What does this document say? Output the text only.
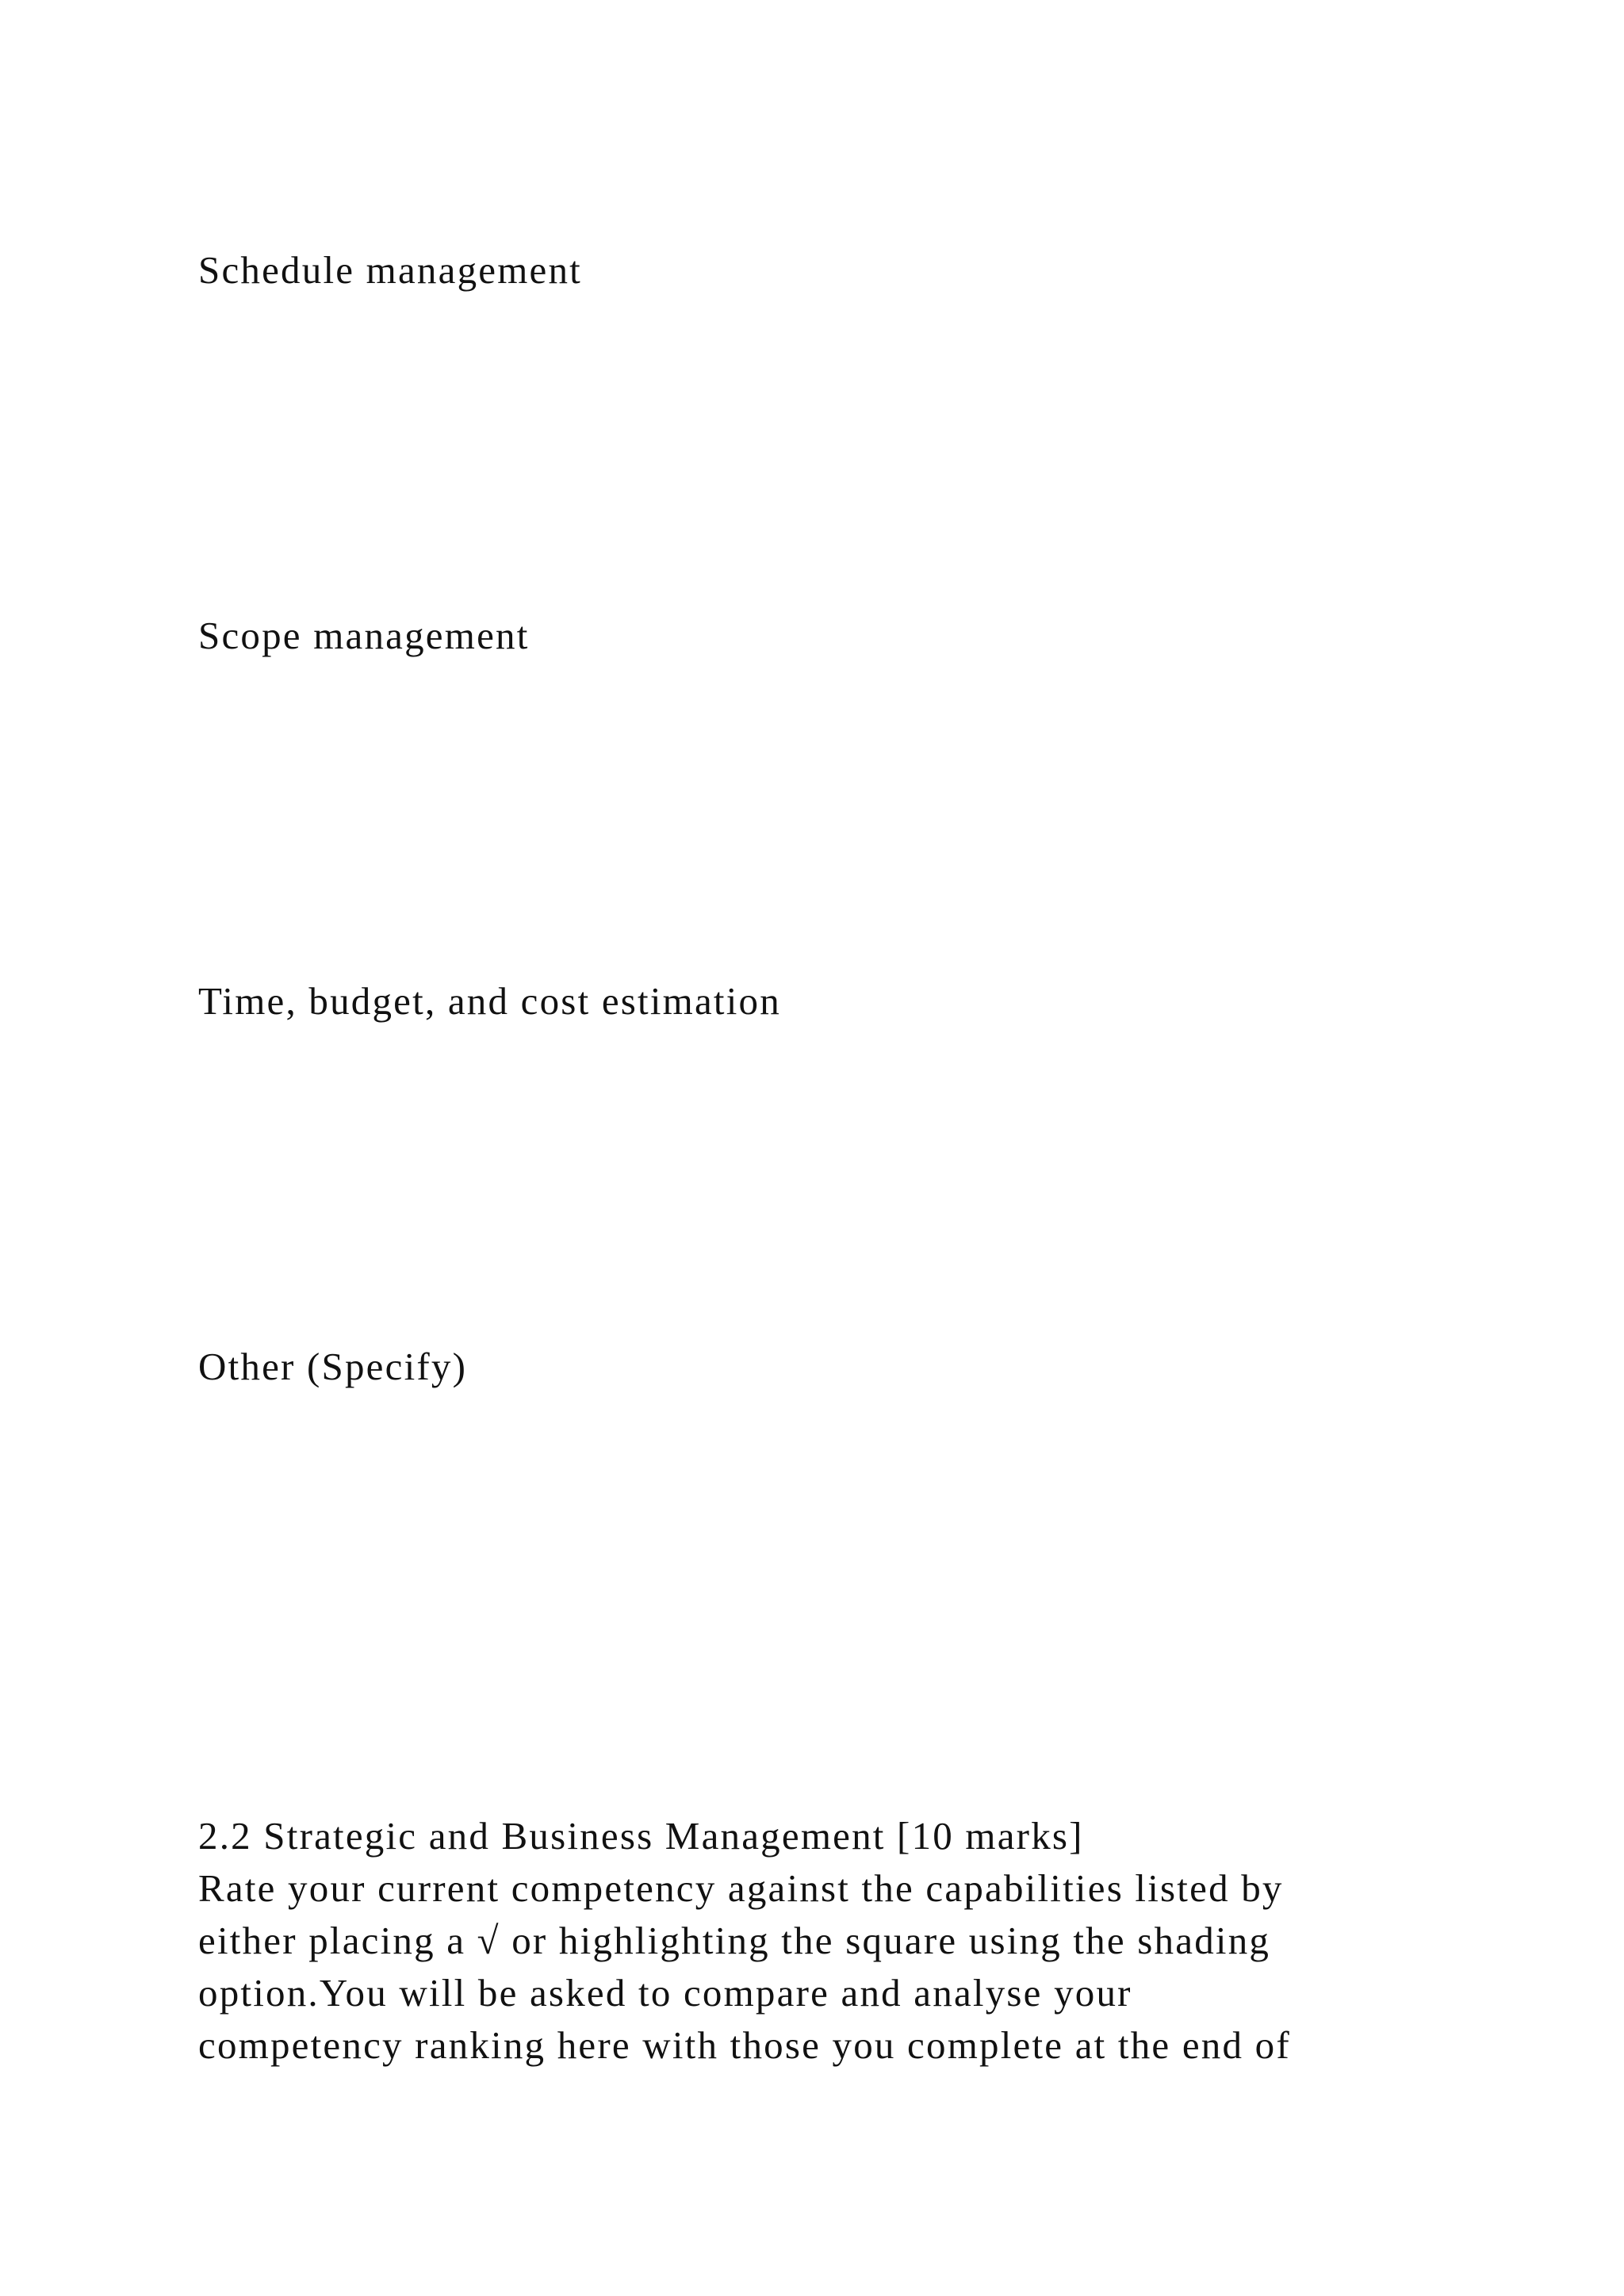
Schedule management

Scope management

Time, budget, and cost estimation

Other (Specify)

2.2 Strategic and Business Management [10 marks]

Rate your current competency against the capabilities listed by

either placing a √ or highlighting the square using the shading

option.You will be asked to compare and analyse your

competency ranking here with those you complete at the end of
